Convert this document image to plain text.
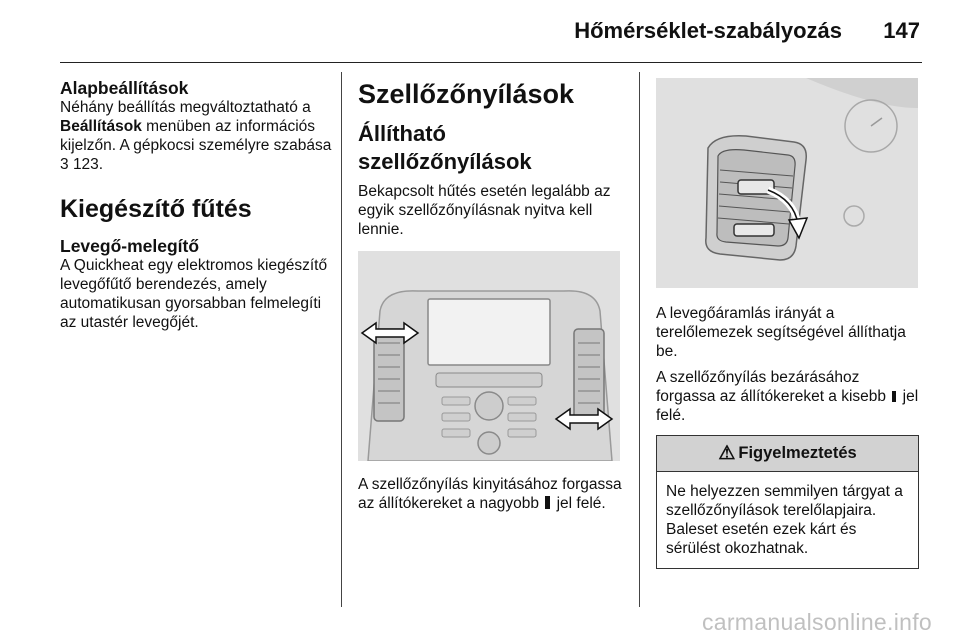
Hőmérséklet-szabályozás 147
Alapbeállítások

Néhány beállítás megváltoztatható a Beállítások menüben az információs kijelzőn. A gépkocsi személyre szabása 3 123.

Kiegészítő fűtés
Levegő-melegítő

A Quickheat egy elektromos kiegészítő levegőfűtő berendezés, amely automatikusan gyorsabban felmelegíti az utastér levegőjét.

Szellőzőnyílások
Állítható szellőzőnyílások

Bekapcsolt hűtés esetén legalább az egyik szellőzőnyílásnak nyitva kell lennie.

A szellőzőnyílás kinyitásához forgassa az állítókereket a nagyobb jel felé.

A levegőáramlás irányát a terelőlemezek segítségével állíthatja be.

A szellőzőnyílás bezárásához forgassa az állítókereket a kisebb jel felé.

⚠ Figyelmeztetés

Ne helyezzen semmilyen tárgyat a szellőzőnyílások terelőlapjaira. Baleset esetén ezek kárt és sérülést okozhatnak.

carmanualsonline.info
